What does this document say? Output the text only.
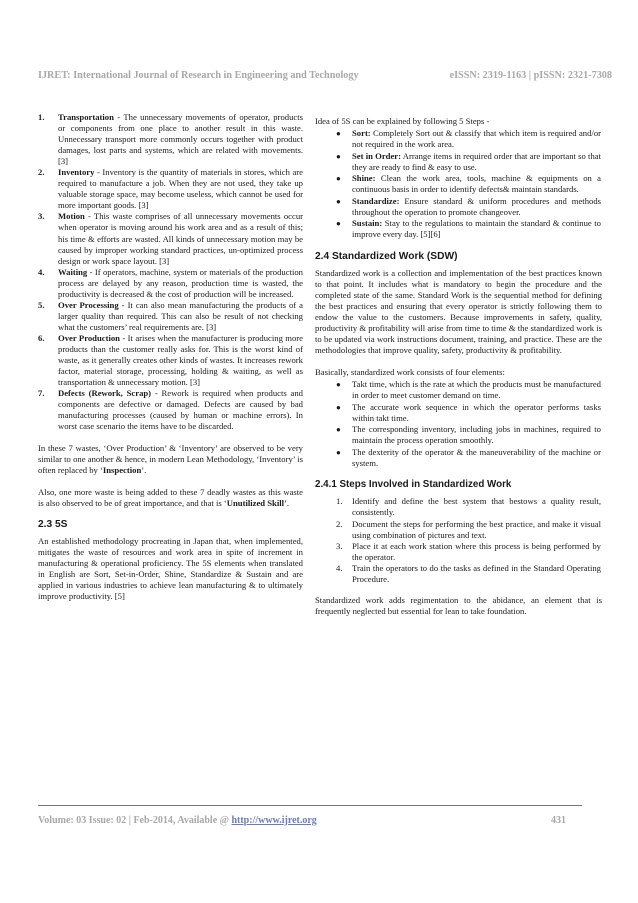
IJRET: International Journal of Research in Engineering and Technology	eISSN: 2319-1163 | pISSN: 2321-7308
1. Transportation - The unnecessary movements of operator, products or components from one place to another result in this waste. Unnecessary transport more commonly occurs together with product damages, lost parts and systems, which are related with movements. [3]
2. Inventory - Inventory is the quantity of materials in stores, which are required to manufacture a job. When they are not used, they take up valuable storage space, may become useless, which cannot be used for more important goods. [3]
3. Motion - This waste comprises of all unnecessary movements occur when operator is moving around his work area and as a result of this; his time & efforts are wasted. All kinds of unnecessary motion may be caused by improper working standard practices, un-optimized process design or work space layout. [3]
4. Waiting - If operators, machine, system or materials of the production process are delayed by any reason, production time is wasted, the productivity is decreased & the cost of production will be increased.
5. Over Processing - It can also mean manufacturing the products of a larger quality than required. This can also be result of not checking what the customers’ real requirements are. [3]
6. Over Production - It arises when the manufacturer is producing more products than the customer really asks for. This is the worst kind of waste, as it generally creates other kinds of wastes. It increases rework factor, material storage, processing, holding & waiting, as well as transportation & unnecessary motion. [3]
7. Defects (Rework, Scrap) - Rework is required when products and components are defective or damaged. Defects are caused by bad manufacturing processes (caused by human or machine errors). In worst case scenario the items have to be discarded.

In these 7 wastes, ‘Over Production’ & ‘Inventory’ are observed to be very similar to one another & hence, in modern Lean Methodology, ‘Inventory’ is often replaced by ‘Inspection’.

Also, one more waste is being added to these 7 deadly wastes as this waste is also observed to be of great importance, and that is ‘Unutilized Skill’.

2.3 5S

An established methodology procreating in Japan that, when implemented, mitigates the waste of resources and work area in spite of increment in manufacturing & operational proficiency. The 5S elements when translated in English are Sort, Set-in-Order, Shine, Standardize & Sustain and are applied in various industries to achieve lean manufacturing & to ultimately improve productivity. [5]

Idea of 5S can be explained by following 5 Steps -

● Sort: Completely Sort out & classify that which item is required and/or not required in the work area.
● Set in Order: Arrange items in required order that are important so that they are ready to find & easy to use.
● Shine: Clean the work area, tools, machine & equipments on a continuous basis in order to identify defects& maintain standards.
● Standardize: Ensure standard & uniform procedures and methods throughout the operation to promote changeover.
● Sustain: Stay to the regulations to maintain the standard & continue to improve every day. [5][6]
2.4 Standardized Work (SDW)

Standardized work is a collection and implementation of the best practices known to that point. It includes what is mandatory to begin the procedure and the completed state of the same. Standard Work is the sequential method for defining the best practices and ensuring that every operator is strictly following them to endow the value to the customers. Because improvements in safety, quality, productivity & profitability will arise from time to time & the standardized work is to be updated via work instructions document, training, and practice. These are the methodologies that improve quality, safety, productivity & profitability.

Basically, standardized work consists of four elements:

● Takt time, which is the rate at which the products must be manufactured in order to meet customer demand on time.
● The accurate work sequence in which the operator performs tasks within takt time.
● The corresponding inventory, including jobs in machines, required to maintain the process operation smoothly.
● The dexterity of the operator & the maneuverability of the machine or system.
2.4.1 Steps Involved in Standardized Work
1. Identify and define the best system that bestows a quality result, consistently.
2. Document the steps for performing the best practice, and make it visual using combination of pictures and text.
3. Place it at each work station where this process is being performed by the operator.
4. Train the operators to do the tasks as defined in the Standard Operating Procedure.

Standardized work adds regimentation to the abidance, an element that is frequently neglected but essential for lean to take foundation.

Volume: 03 Issue: 02 | Feb-2014, Available @ http://www.ijret.org	431
